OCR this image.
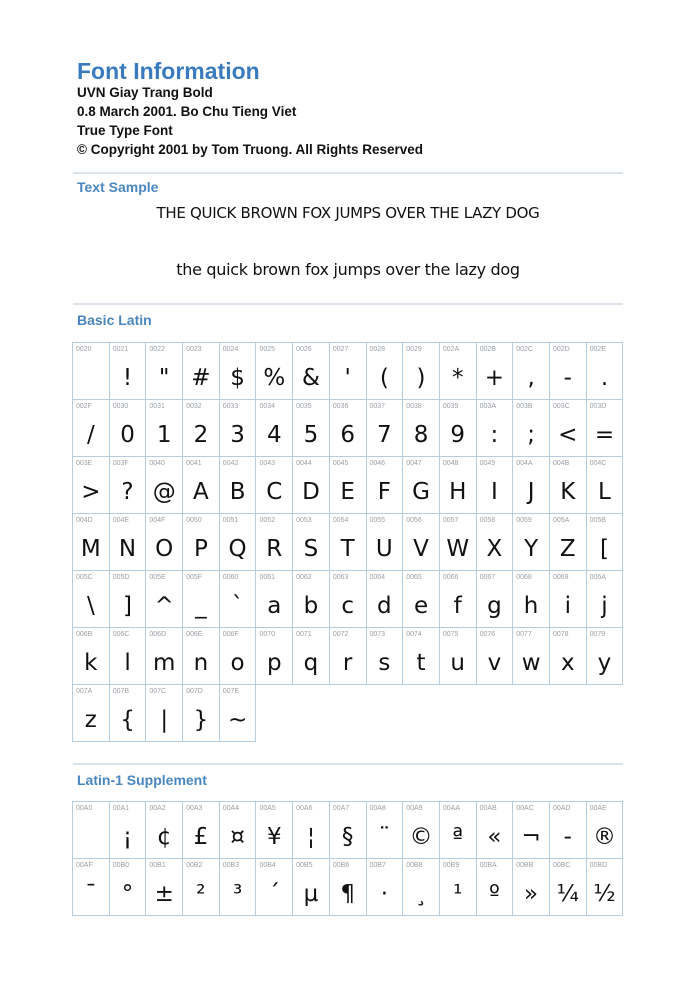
Font Information
UVN Giay Trang Bold
0.8 March 2001. Bo Chu Tieng Viet
True Type Font
© Copyright 2001 by Tom Truong. All Rights Reserved
Text Sample
THE QUICK BROWN FOX JUMPS OVER THE LAZY DOG
the quick brown fox jumps over the lazy dog
Basic Latin
0020	0021
!
0022
"
0023
#
0024
$
0025
%
0026
&
0027
'
0028
(
0029
)
002A
*
002B
+
002C
,
002D
-
002E
.
002F
/
0030
0
0031
1
0032
2
0033
3
0034
4
0035
5
0036
6
0037
7
0038
8
0039
9
003A
:
003B
;
003C
<
003D
=
003E
>
003F
?
0040
@
0041
A
0042
B
0043
C
0044
D
0045
E
0046
F
0047
G
0048
H
0049
I
004A
J
004B
K
004C
L
004D
M
004E
N
004F
O
0050
P
0051
Q
0052
R
0053
S
0054
T
0055
U
0056
V
0057
W
0058
X
0059
Y
005A
Z
005B
[
005C
\
005D
]
005E
^
005F
_
0060
`
0061
a
0062
b
0063
c
0064
d
0065
e
0066
f
0067
g
0068
h
0069
i
006A
j
006B
k
006C
l
006D
m
006E
n
006F
o
0070
p
0071
q
0072
r
0073
s
0074
t
0075
u
0076
v
0077
w
0078
x
0079
y
007A
z
007B
{
007C
|
007D
}
007E
~
Latin-1 Supplement
00A0	00A1
¡
00A2
¢
00A3
£
00A4
¤
00A5
¥
00A6
¦
00A7
§
00A8
¨
00A9
©
00AA
ª
00AB
«
00AC
¬
00AD
-
00AE
®
00AF
¯
00B0
°
00B1
±
00B2
²
00B3
³
00B4
´
00B5
µ
00B6
¶
00B7
·
00B8
¸
00B9
¹
00BA
º
00BB
»
00BC
¼
00BD
½
